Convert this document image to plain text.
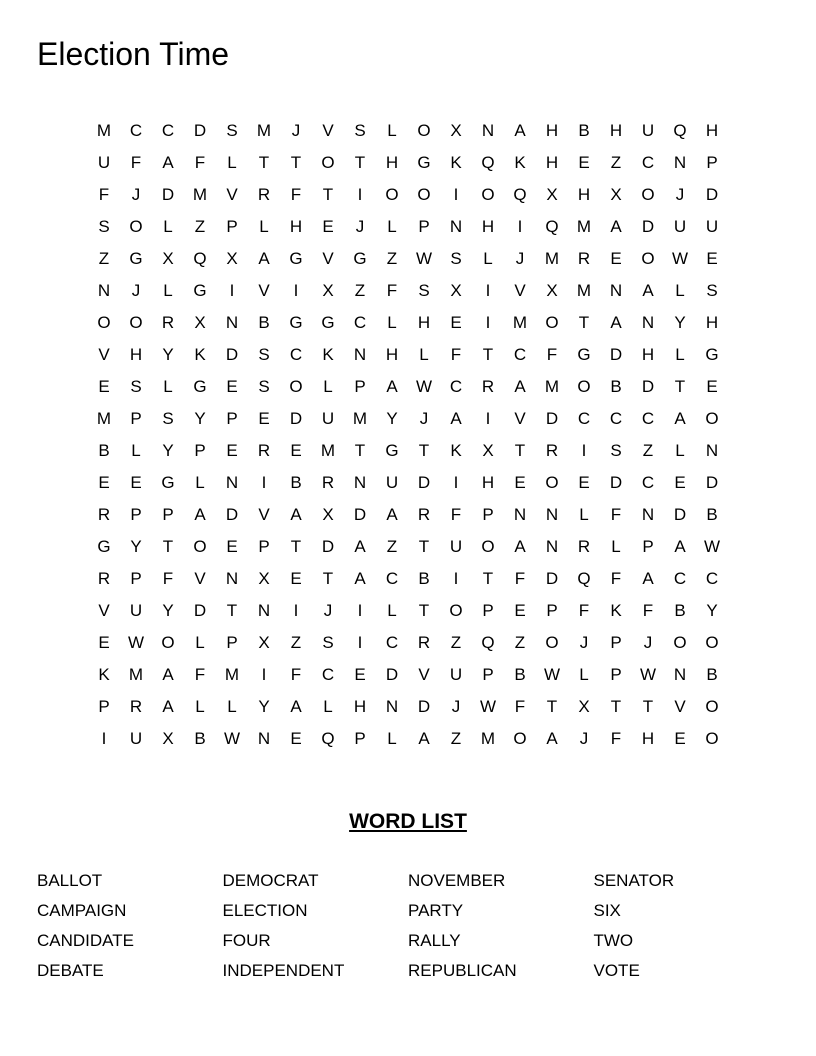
Election Time
M	C	C	D	S	M	J	V	S	L	O	X	N	A	H	B	H	U	Q	H
U	F	A	F	L	T	T	O	T	H	G	K	Q	K	H	E	Z	C	N	P
F	J	D	M	V	R	F	T	I	O	O	I	O	Q	X	H	X	O	J	D
S	O	L	Z	P	L	H	E	J	L	P	N	H	I	Q	M	A	D	U	U
Z	G	X	Q	X	A	G	V	G	Z	W	S	L	J	M	R	E	O	W	E
N	J	L	G	I	V	I	X	Z	F	S	X	I	V	X	M	N	A	L	S
O	O	R	X	N	B	G	G	C	L	H	E	I	M	O	T	A	N	Y	H
V	H	Y	K	D	S	C	K	N	H	L	F	T	C	F	G	D	H	L	G
E	S	L	G	E	S	O	L	P	A	W	C	R	A	M	O	B	D	T	E
M	P	S	Y	P	E	D	U	M	Y	J	A	I	V	D	C	C	C	A	O
B	L	Y	P	E	R	E	M	T	G	T	K	X	T	R	I	S	Z	L	N
E	E	G	L	N	I	B	R	N	U	D	I	H	E	O	E	D	C	E	D
R	P	P	A	D	V	A	X	D	A	R	F	P	N	N	L	F	N	D	B
G	Y	T	O	E	P	T	D	A	Z	T	U	O	A	N	R	L	P	A	W
R	P	F	V	N	X	E	T	A	C	B	I	T	F	D	Q	F	A	C	C
V	U	Y	D	T	N	I	J	I	L	T	O	P	E	P	F	K	F	B	Y
E	W	O	L	P	X	Z	S	I	C	R	Z	Q	Z	O	J	P	J	O	O
K	M	A	F	M	I	F	C	E	D	V	U	P	B	W	L	P	W	N	B
P	R	A	L	L	Y	A	L	H	N	D	J	W	F	T	X	T	T	V	O
I	U	X	B	W	N	E	Q	P	L	A	Z	M	O	A	J	F	H	E	O
WORD LIST
BALLOT	DEMOCRAT	NOVEMBER	SENATOR
CAMPAIGN	ELECTION	PARTY	SIX
CANDIDATE	FOUR	RALLY	TWO
DEBATE	INDEPENDENT	REPUBLICAN	VOTE
